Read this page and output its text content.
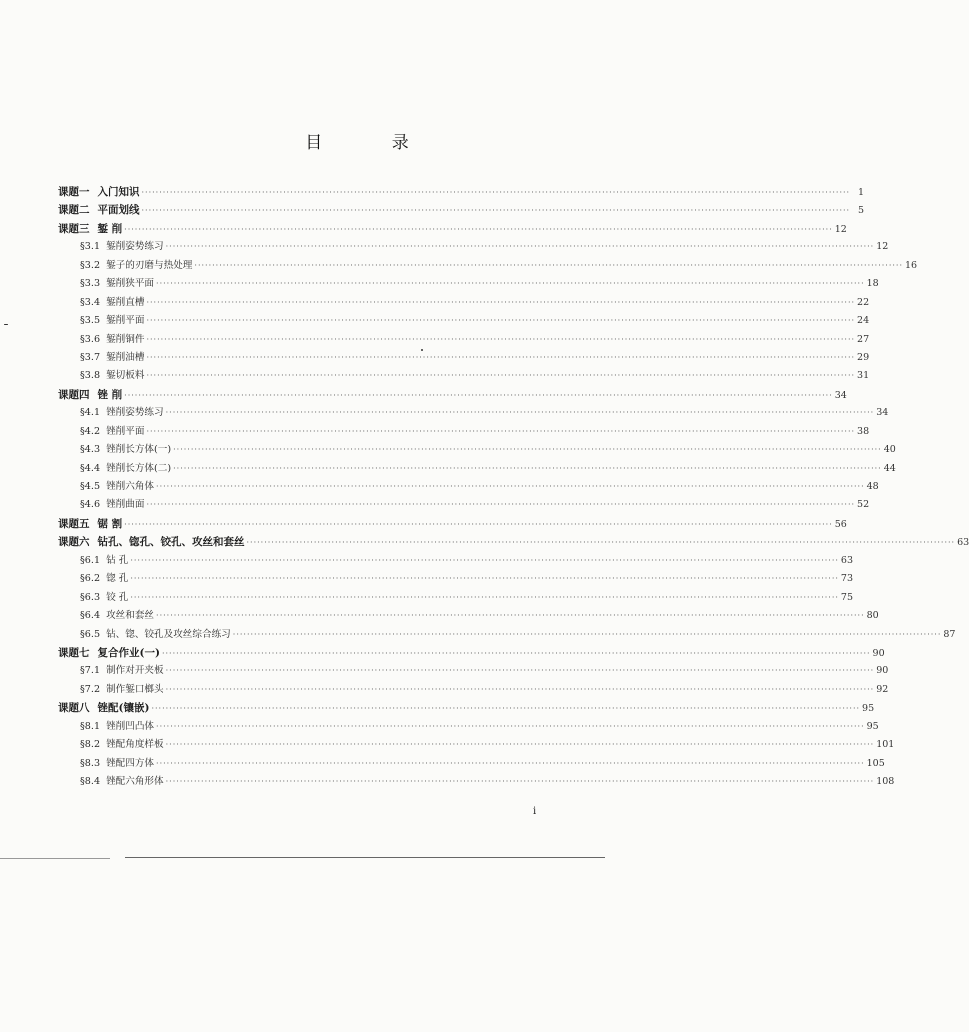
目 录
课题一 入门知识 ········································································································································································································ 1
课题二 平面划线 ········································································································································································································ 5
课题三 錾 削 ········································································································································································································ 12
§3.1 錾削姿势练习 ········································································································································································································ 12
§3.2 錾子的刃磨与热处理 ········································································································································································································ 16
§3.3 錾削狭平面 ········································································································································································································ 18
§3.4 錾削直槽 ········································································································································································································ 22
§3.5 錾削平面 ········································································································································································································ 24
§3.6 錾削铜件 ········································································································································································································ 27
§3.7 錾削油槽 ········································································································································································································ 29
§3.8 錾切板料 ········································································································································································································ 31
课题四 锉 削 ········································································································································································································ 34
§4.1 锉削姿势练习 ········································································································································································································ 34
§4.2 锉削平面 ········································································································································································································ 38
§4.3 锉削长方体(一) ········································································································································································································ 40
§4.4 锉削长方体(二) ········································································································································································································ 44
§4.5 锉削六角体 ········································································································································································································ 48
§4.6 锉削曲面 ········································································································································································································ 52
课题五 锯 割 ········································································································································································································ 56
课题六 钻孔、锪孔、铰孔、攻丝和套丝 ········································································································································································································ 63
§6.1 钻 孔 ········································································································································································································ 63
§6.2 锪 孔 ········································································································································································································ 73
§6.3 铰 孔 ········································································································································································································ 75
§6.4 攻丝和套丝 ········································································································································································································ 80
§6.5 钻、锪、铰孔及攻丝综合练习 ········································································································································································································ 87
课题七 复合作业(一) ········································································································································································································ 90
§7.1 制作对开夹板 ········································································································································································································ 90
§7.2 制作錾口榔头 ········································································································································································································ 92
课题八 锉配(镶嵌) ········································································································································································································ 95
§8.1 锉削凹凸体 ········································································································································································································ 95
§8.2 锉配角度样板 ········································································································································································································ 101
§8.3 锉配四方体 ········································································································································································································ 105
§8.4 锉配六角形体 ········································································································································································································ 108
i
